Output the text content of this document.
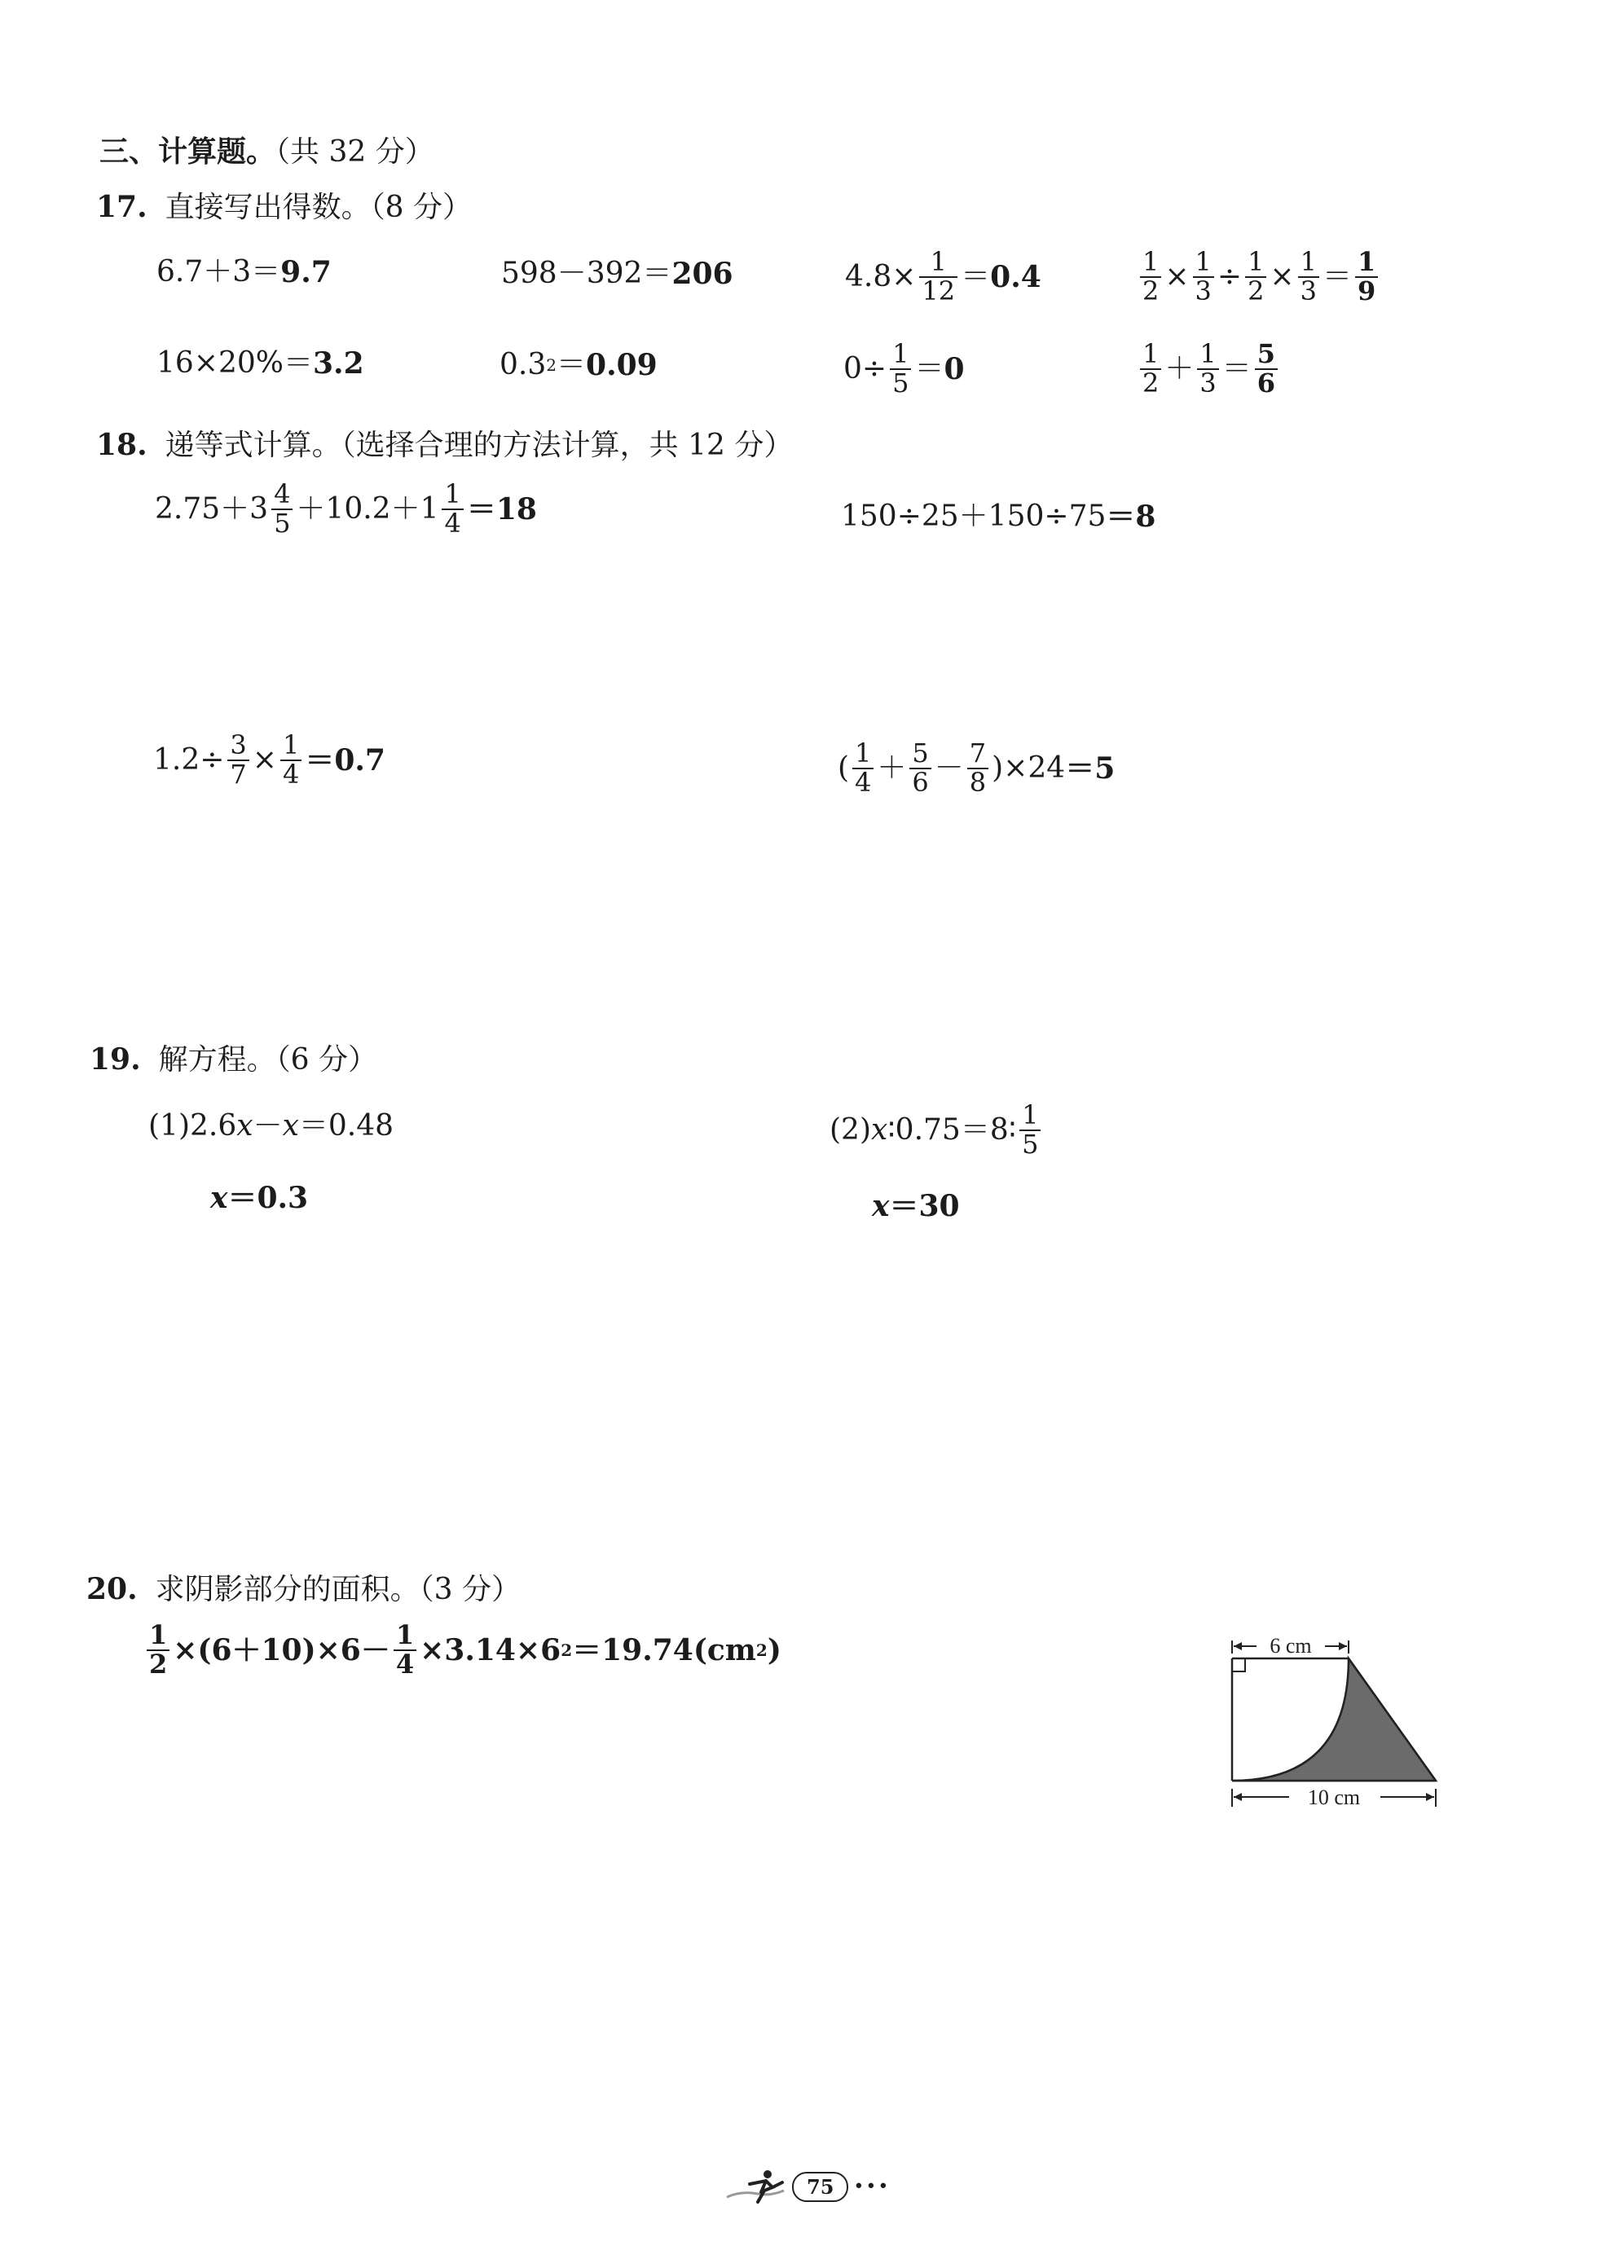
三、计算题。（共 32 分）
17. 直接写出得数。（8 分）
6.7＋3＝ 9.7	598－392＝ 206	$4.8\times \frac{1}{12} = 0.4$	$\frac{1}{2} \times \frac{1}{3} \div \frac{1}{2} \times \frac{1}{3} = \frac{1}{9}$
16×20%＝ 3.2	0.3 2 ＝ 0.09	$0\div \frac{1}{5} = 0$	$\frac{1}{2} + \frac{1}{3} = \frac{5}{6}$
18. 递等式计算。（选择合理的方法计算，共 12 分）
$2.75+3 \frac{4}{5} +10.2+1 \frac{1}{4} = 18$	150÷25＋150÷75 ＝ 8
$1.2\div \frac{3}{7} \times \frac{1}{4} = 0.7$	( $\frac{1}{4} + \frac{5}{6} - \frac{7}{8} )\times 24 = 5$
19. 解方程。（6 分）
(1) 2.6 x － x ＝0.48
x ＝0.3
(2) x ∶0.75＝8∶ $\frac{1}{5}$
x ＝30
20. 求阴影部分的面积。（3 分）
$\frac{1}{2} \times(6+10)\times 6- \frac{1}{4} \times 3.14\times 6$ 2 ＝19.74(cm 2 )	6 cm
10 cm
75	•••
